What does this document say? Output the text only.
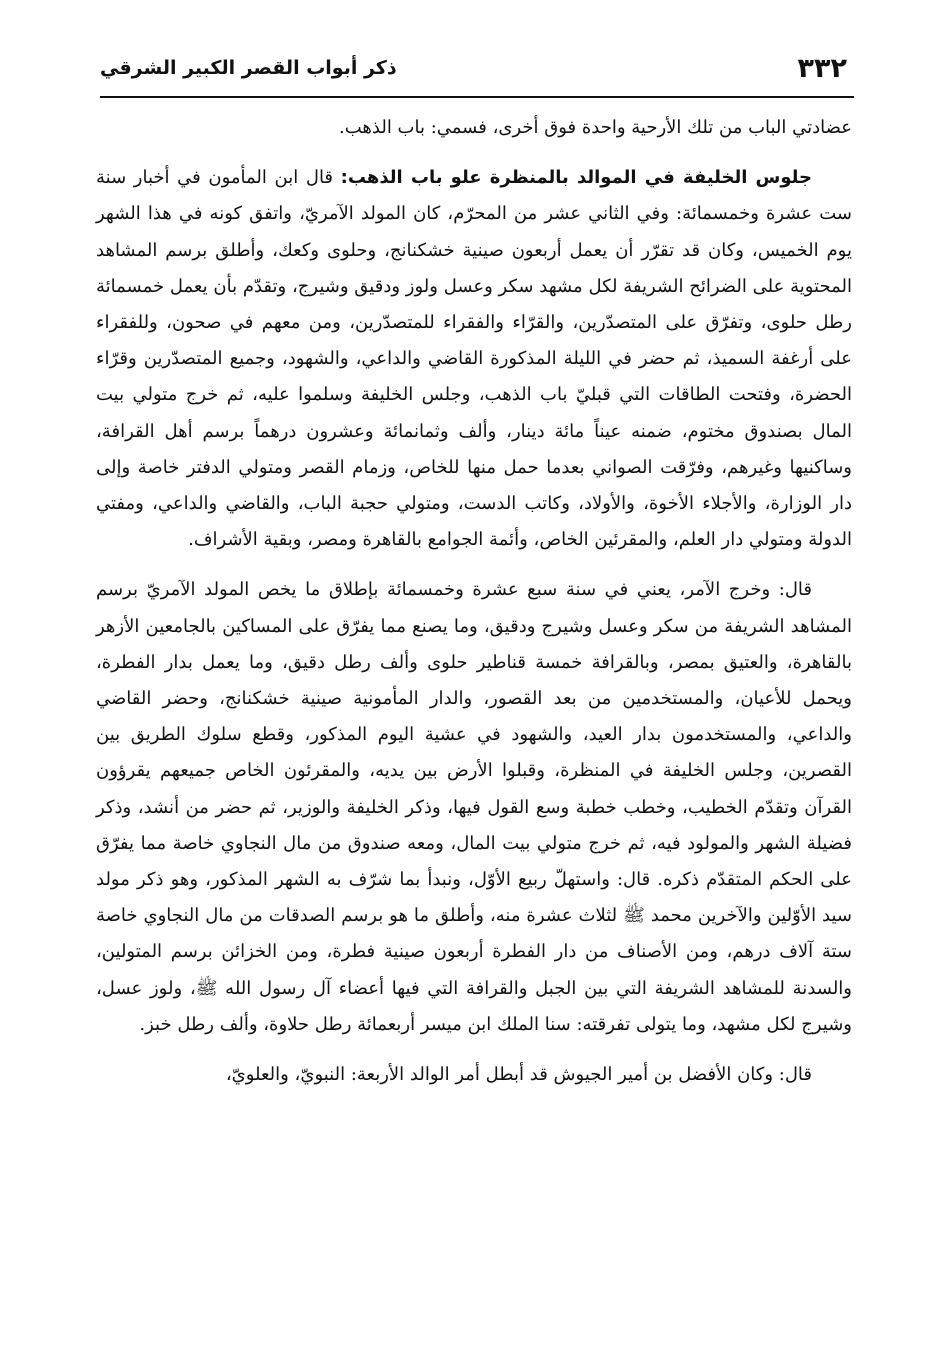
٣٣٢
ذكر أبواب القصر الكبير الشرقي

عضادتي الباب من تلك الأرحية واحدة فوق أخرى، فسمي: باب الذهب.

جلوس الخليفة في الموالد بالمنظرة علو باب الذهب: قال ابن المأمون في أخبار سنة ست عشرة وخمسمائة: وفي الثاني عشر من المحرّم، كان المولد الآمريّ، واتفق كونه في هذا الشهر يوم الخميس، وكان قد تقرّر أن يعمل أربعون صينية خشكنانج، وحلوى وكعك، وأطلق برسم المشاهد المحتوية على الضرائح الشريفة لكل مشهد سكر وعسل ولوز ودقيق وشيرج، وتقدّم بأن يعمل خمسمائة رطل حلوى، وتفرّق على المتصدّرين، والقرّاء والفقراء للمتصدّرين، ومن معهم في صحون، وللفقراء على أرغفة السميذ، ثم حضر في الليلة المذكورة القاضي والداعي، والشهود، وجميع المتصدّرين وقرّاء الحضرة، وفتحت الطاقات التي قبليّ باب الذهب، وجلس الخليفة وسلموا عليه، ثم خرج متولي بيت المال بصندوق مختوم، ضمنه عيناً مائة دينار، وألف وثمانمائة وعشرون درهماً برسم أهل القرافة، وساكنيها وغيرهم، وفرّقت الصواني بعدما حمل منها للخاص، وزمام القصر ومتولي الدفتر خاصة وإلى دار الوزارة، والأجلاء الأخوة، والأولاد، وكاتب الدست، ومتولي حجبة الباب، والقاضي والداعي، ومفتي الدولة ومتولي دار العلم، والمقرئين الخاص، وأئمة الجوامع بالقاهرة ومصر، وبقية الأشراف.

قال: وخرج الآمر، يعني في سنة سبع عشرة وخمسمائة بإطلاق ما يخص المولد الآمريّ برسم المشاهد الشريفة من سكر وعسل وشيرج ودقيق، وما يصنع مما يفرّق على المساكين بالجامعين الأزهر بالقاهرة، والعتيق بمصر، وبالقرافة خمسة قناطير حلوى وألف رطل دقيق، وما يعمل بدار الفطرة، ويحمل للأعيان، والمستخدمين من بعد القصور، والدار المأمونية صينية خشكنانج، وحضر القاضي والداعي، والمستخدمون بدار العيد، والشهود في عشية اليوم المذكور، وقطع سلوك الطريق بين القصرين، وجلس الخليفة في المنظرة، وقبلوا الأرض بين يديه، والمقرئون الخاص جميعهم يقرؤون القرآن وتقدّم الخطيب، وخطب خطبة وسع القول فيها، وذكر الخليفة والوزير، ثم حضر من أنشد، وذكر فضيلة الشهر والمولود فيه، ثم خرج متولي بيت المال، ومعه صندوق من مال النجاوي خاصة مما يفرّق على الحكم المتقدّم ذكره. قال: واستهلّ ربيع الأوّل، ونبدأ بما شرّف به الشهر المذكور، وهو ذكر مولد سيد الأوّلين والآخرين محمد ﷺ لثلاث عشرة منه، وأطلق ما هو برسم الصدقات من مال النجاوي خاصة ستة آلاف درهم، ومن الأصناف من دار الفطرة أربعون صينية فطرة، ومن الخزائن برسم المتولين، والسدنة للمشاهد الشريفة التي بين الجبل والقرافة التي فيها أعضاء آل رسول الله ﷺ، ولوز عسل، وشيرج لكل مشهد، وما يتولى تفرقته: سنا الملك ابن ميسر أربعمائة رطل حلاوة، وألف رطل خبز.

قال: وكان الأفضل بن أمير الجيوش قد أبطل أمر الوالد الأربعة: النبويّ، والعلويّ،
